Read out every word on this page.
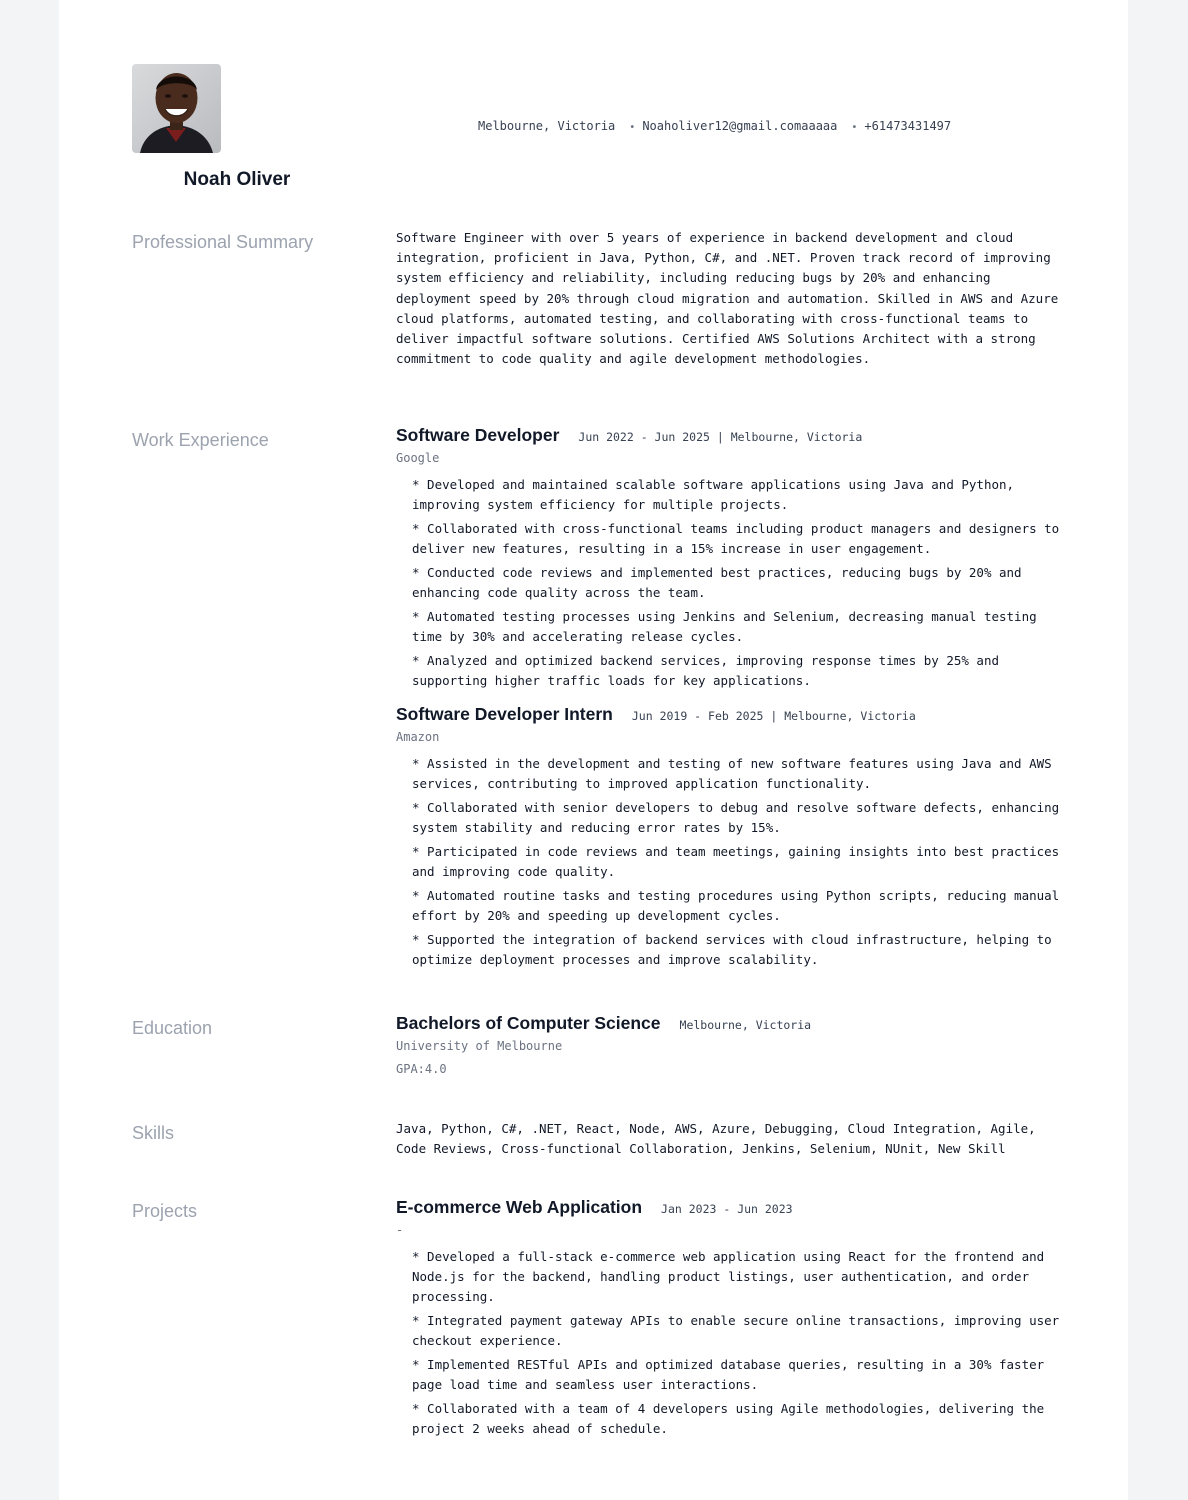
Noah Oliver
Melbourne, Victoria • Noaholiver12@gmail.comaaaaa • +61473431497
Professional Summary	Software Engineer with over 5 years of experience in backend development and cloud integration, proficient in Java, Python, C#, and .NET. Proven track record of improving system efficiency and reliability, including reducing bugs by 20% and enhancing deployment speed by 20% through cloud migration and automation. Skilled in AWS and Azure cloud platforms, automated testing, and collaborating with cross-functional teams to deliver impactful software solutions. Certified AWS Solutions Architect with a strong commitment to code quality and agile development methodologies.
Work Experience	Software Developer Jun 2022 - Jun 2025 | Melbourne, Victoria
Google
* Developed and maintained scalable software applications using Java and Python, improving system efficiency for multiple projects.
* Collaborated with cross-functional teams including product managers and designers to deliver new features, resulting in a 15% increase in user engagement.
* Conducted code reviews and implemented best practices, reducing bugs by 20% and enhancing code quality across the team.
* Automated testing processes using Jenkins and Selenium, decreasing manual testing time by 30% and accelerating release cycles.
* Analyzed and optimized backend services, improving response times by 25% and supporting higher traffic loads for key applications.
Software Developer Intern Jun 2019 - Feb 2025 | Melbourne, Victoria
Amazon
* Assisted in the development and testing of new software features using Java and AWS services, contributing to improved application functionality.
* Collaborated with senior developers to debug and resolve software defects, enhancing system stability and reducing error rates by 15%.
* Participated in code reviews and team meetings, gaining insights into best practices and improving code quality.
* Automated routine tasks and testing procedures using Python scripts, reducing manual effort by 20% and speeding up development cycles.
* Supported the integration of backend services with cloud infrastructure, helping to optimize deployment processes and improve scalability.
Education	Bachelors of Computer Science Melbourne, Victoria
University of Melbourne
GPA:4.0
Skills	Java, Python, C#, .NET, React, Node, AWS, Azure, Debugging, Cloud Integration, Agile, Code Reviews, Cross-functional Collaboration, Jenkins, Selenium, NUnit, New Skill
Projects	E-commerce Web Application Jan 2023 - Jun 2023
-
* Developed a full-stack e-commerce web application using React for the frontend and Node.js for the backend, handling product listings, user authentication, and order processing.
* Integrated payment gateway APIs to enable secure online transactions, improving user checkout experience.
* Implemented RESTful APIs and optimized database queries, resulting in a 30% faster page load time and seamless user interactions.
* Collaborated with a team of 4 developers using Agile methodologies, delivering the project 2 weeks ahead of schedule.
